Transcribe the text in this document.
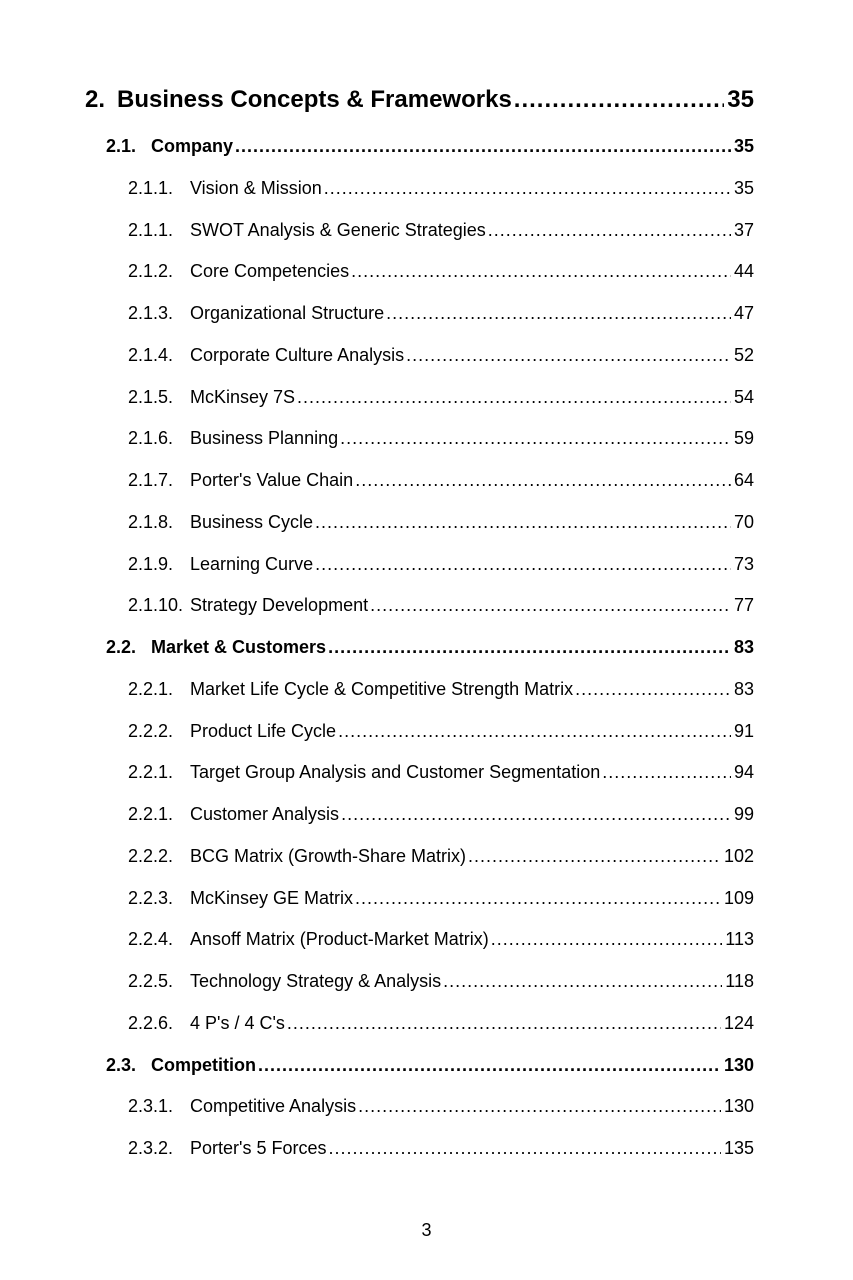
2. Business Concepts & Frameworks .....	35
2.1. Company .....	35
2.1.1. Vision & Mission .....	35
2.1.1. SWOT Analysis & Generic Strategies .....	37
2.1.2. Core Competencies .....	44
2.1.3. Organizational Structure .....	47
2.1.4. Corporate Culture Analysis .....	52
2.1.5. McKinsey 7S .....	54
2.1.6. Business Planning .....	59
2.1.7. Porter's Value Chain .....	64
2.1.8. Business Cycle .....	70
2.1.9. Learning Curve .....	73
2.1.10. Strategy Development .....	77
2.2. Market & Customers .....	83
2.2.1. Market Life Cycle & Competitive Strength Matrix .....	83
2.2.2. Product Life Cycle .....	91
2.2.1. Target Group Analysis and Customer Segmentation .....	94
2.2.1. Customer Analysis .....	99
2.2.2. BCG Matrix (Growth-Share Matrix) .....	102
2.2.3. McKinsey GE Matrix .....	109
2.2.4. Ansoff Matrix (Product-Market Matrix) .....	113
2.2.5. Technology Strategy & Analysis .....	118
2.2.6. 4 P's / 4 C's .....	124
2.3. Competition .....	130
2.3.1. Competitive Analysis .....	130
2.3.2. Porter's 5 Forces .....	135
3
